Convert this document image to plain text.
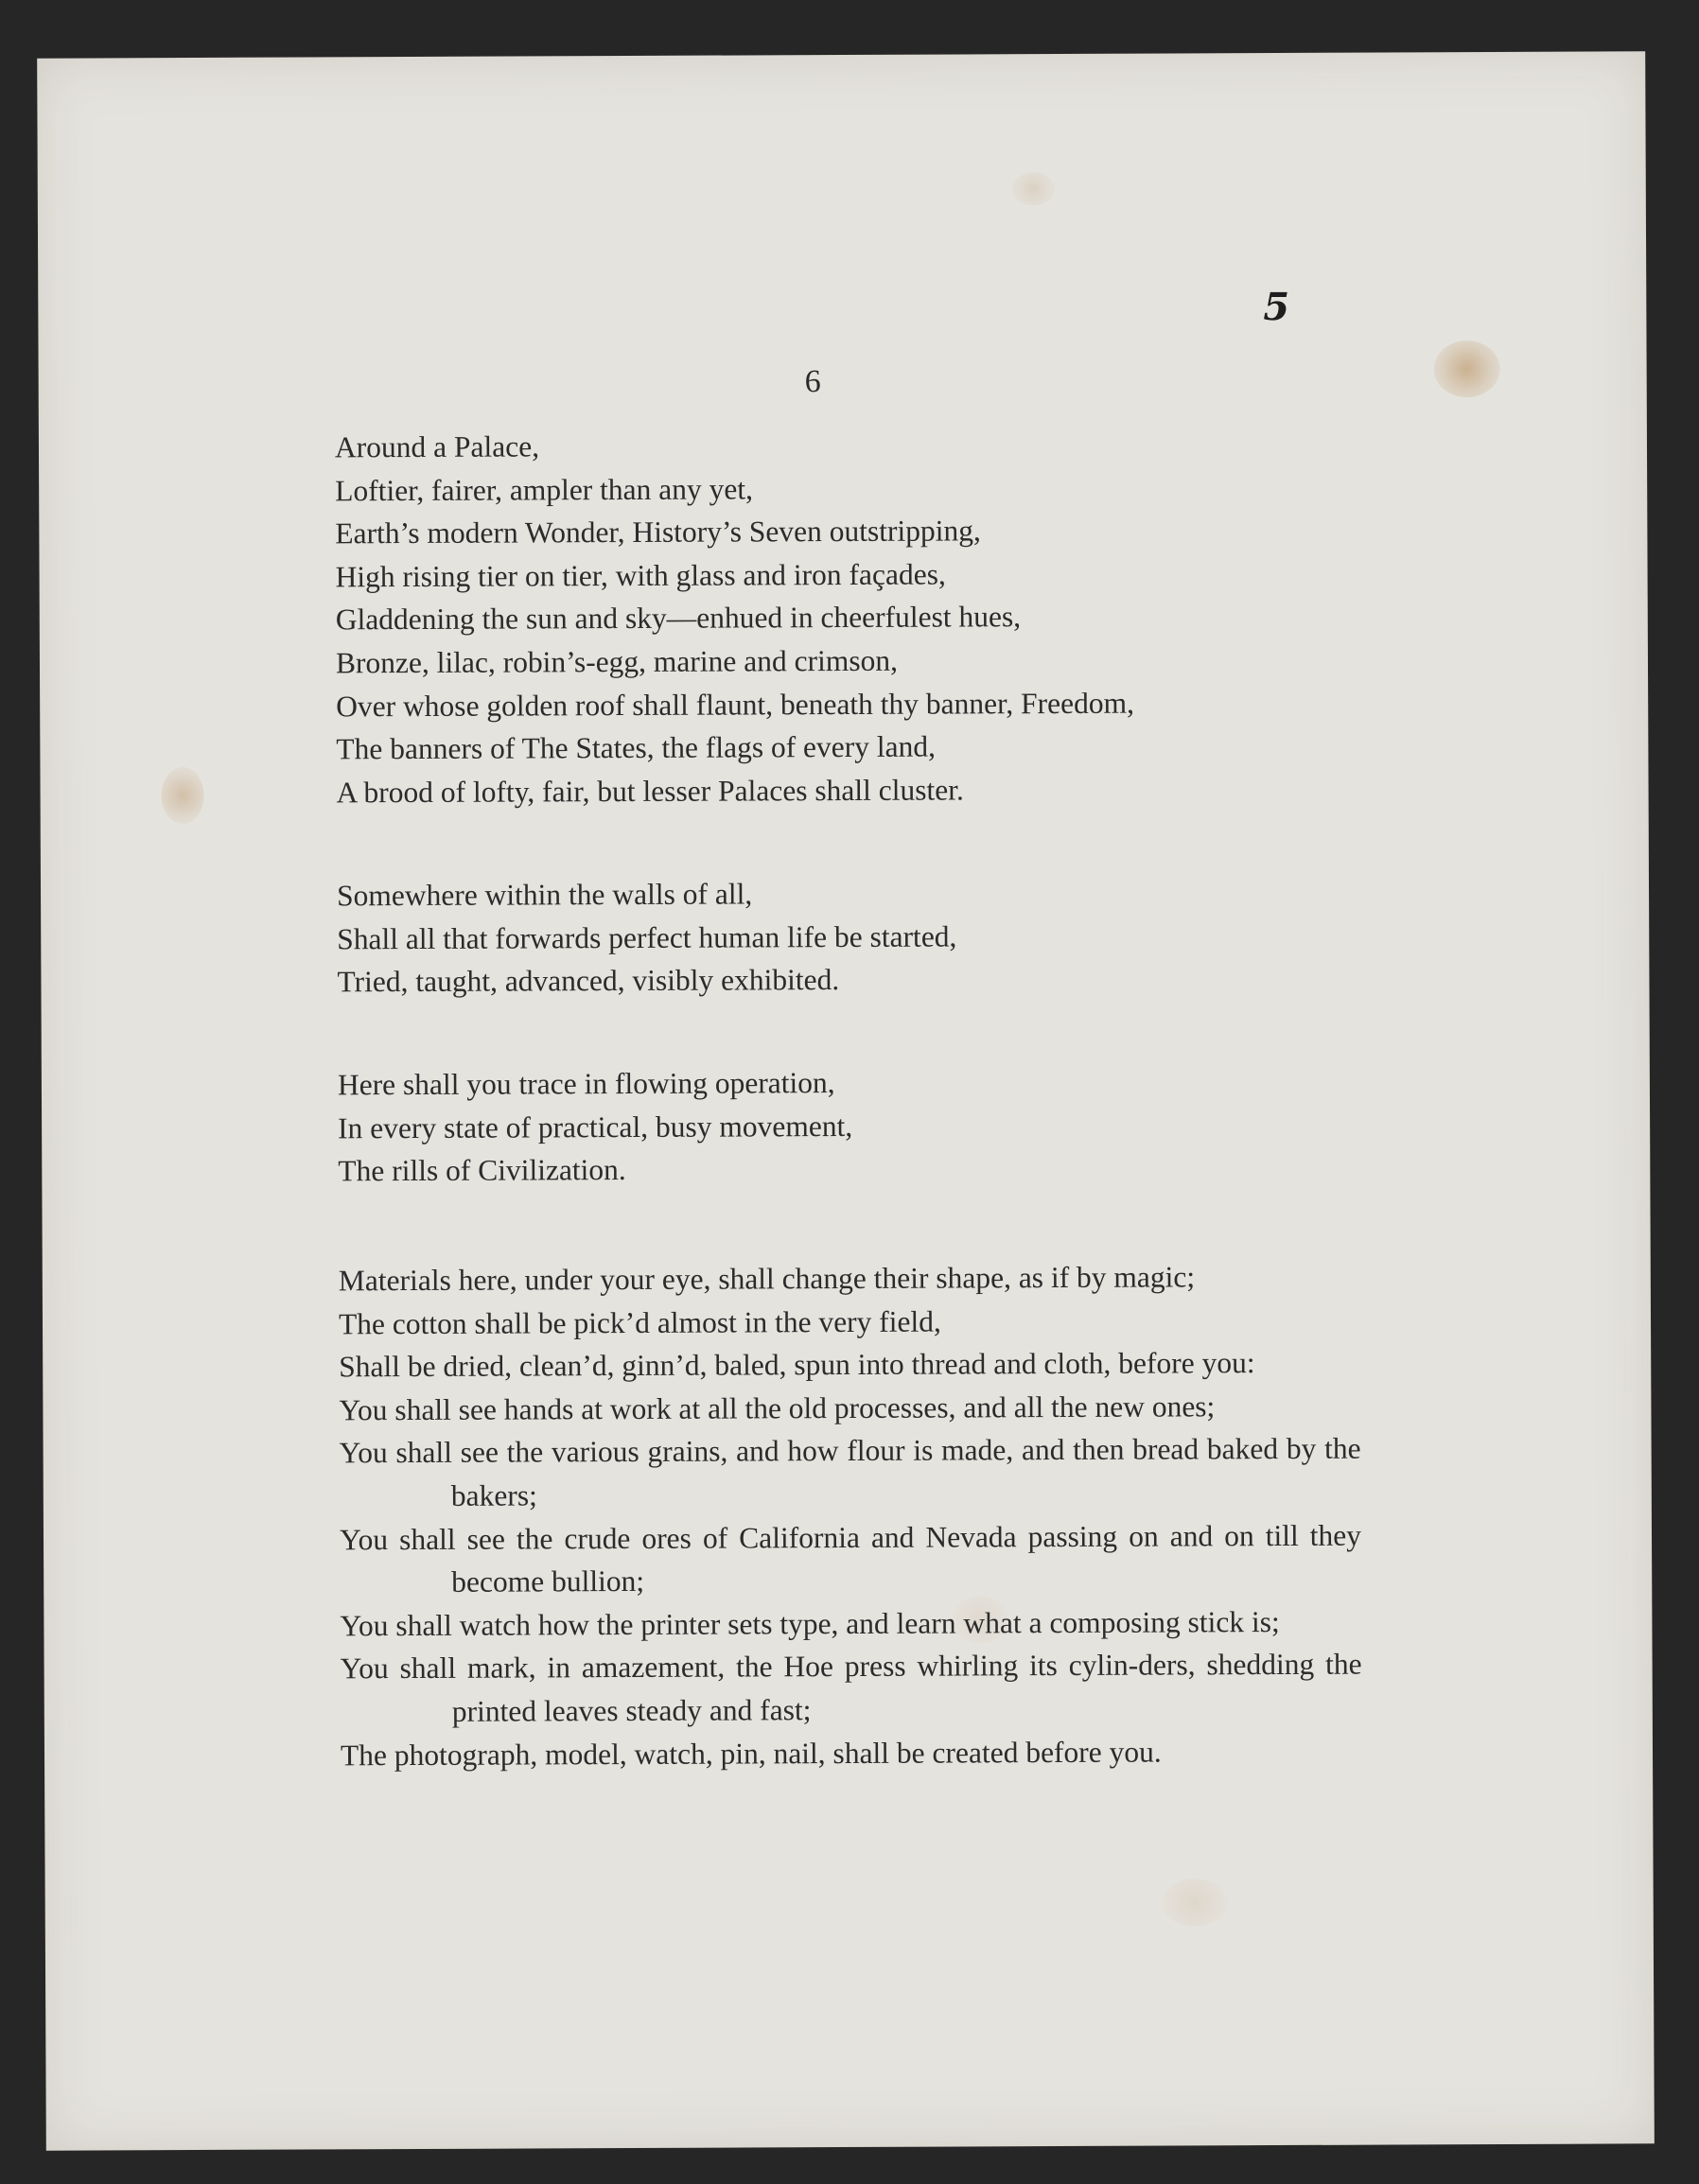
5
6

Around a Palace,

Loftier, fairer, ampler than any yet,

Earth’s modern Wonder, History’s Seven outstripping,

High rising tier on tier, with glass and iron façades,

Gladdening the sun and sky—enhued in cheerfulest hues,

Bronze, lilac, robin’s-egg, marine and crimson,

Over whose golden roof shall flaunt, beneath thy banner, Freedom,

The banners of The States, the flags of every land,

A brood of lofty, fair, but lesser Palaces shall cluster.

Somewhere within the walls of all,

Shall all that forwards perfect human life be started,

Tried, taught, advanced, visibly exhibited.

Here shall you trace in flowing operation,

In every state of practical, busy movement,

The rills of Civilization.

Materials here, under your eye, shall change their shape, as if by magic;

The cotton shall be pick’d almost in the very field,

Shall be dried, clean’d, ginn’d, baled, spun into thread and cloth, before you:

You shall see hands at work at all the old processes, and all the new ones;

You shall see the various grains, and how flour is made, and then bread baked by the bakers;

You shall see the crude ores of California and Nevada passing on and on till they become bullion;

You shall watch how the printer sets type, and learn what a composing stick is;

You shall mark, in amazement, the Hoe press whirling its cylin-ders, shedding the printed leaves steady and fast;

The photograph, model, watch, pin, nail, shall be created before you.
